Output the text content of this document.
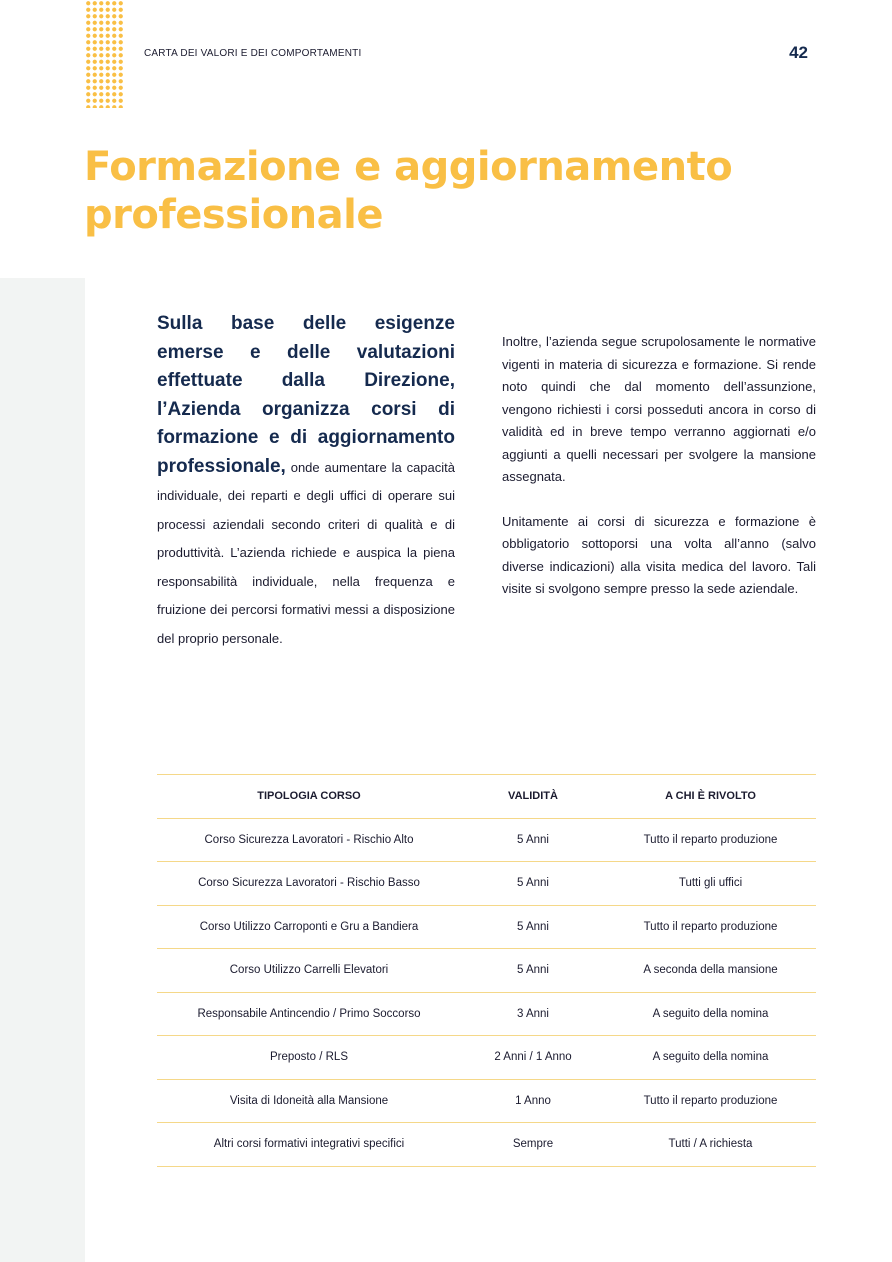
CARTA DEI VALORI E DEI COMPORTAMENTI	42
Formazione e aggiornamento professionale

Sulla base delle esigenze emerse e delle valutazioni effettuate dalla Direzione, l’Azienda organizza corsi di formazione e di aggiornamento professionale, onde aumentare la capacità individuale, dei reparti e degli uffici di operare sui processi aziendali secondo criteri di qualità e di produttività. L’azienda richiede e auspica la piena responsabilità individuale, nella frequenza e fruizione dei percorsi formativi messi a disposizione del proprio personale.

Inoltre, l’azienda segue scrupolosamente le normative vigenti in materia di sicurezza e formazione. Si rende noto quindi che dal momento dell’assunzione, vengono richiesti i corsi posseduti ancora in corso di validità ed in breve tempo verranno aggiornati e/o aggiunti a quelli necessari per svolgere la mansione assegnata.

Unitamente ai corsi di sicurezza e formazione è obbligatorio sottoporsi una volta all’anno (salvo diverse indicazioni) alla visita medica del lavoro. Tali visite si svolgono sempre presso la sede aziendale.

TIPOLOGIA CORSO	VALIDITÀ	A CHI È RIVOLTO
Corso Sicurezza Lavoratori - Rischio Alto	5 Anni	Tutto il reparto produzione
Corso Sicurezza Lavoratori - Rischio Basso	5 Anni	Tutti gli uffici
Corso Utilizzo Carroponti e Gru a Bandiera	5 Anni	Tutto il reparto produzione
Corso Utilizzo Carrelli Elevatori	5 Anni	A seconda della mansione
Responsabile Antincendio / Primo Soccorso	3 Anni	A seguito della nomina
Preposto / RLS	2 Anni / 1 Anno	A seguito della nomina
Visita di Idoneità alla Mansione	1 Anno	Tutto il reparto produzione
Altri corsi formativi integrativi specifici	Sempre	Tutti / A richiesta
